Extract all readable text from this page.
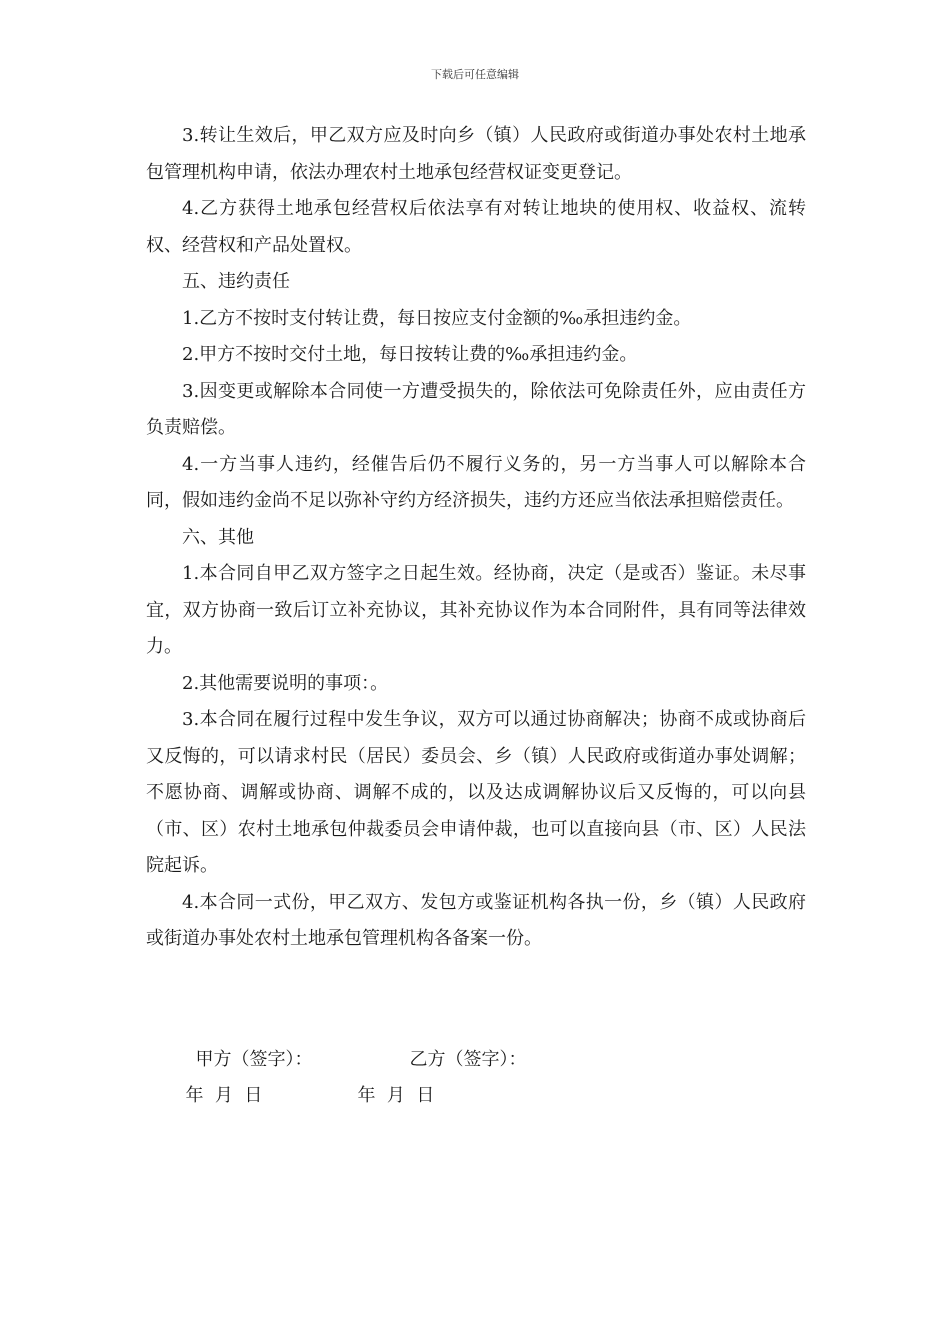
下载后可任意编辑

3.转让生效后，甲乙双方应及时向乡（镇）人民政府或街道办事处农村土地承包管理机构申请，依法办理农村土地承包经营权证变更登记。

4.乙方获得土地承包经营权后依法享有对转让地块的使用权、收益权、流转权、经营权和产品处置权。

五、违约责任

1.乙方不按时支付转让费，每日按应支付金额的‰承担违约金。

2.甲方不按时交付土地，每日按转让费的‰承担违约金。

3.因变更或解除本合同使一方遭受损失的，除依法可免除责任外，应由责任方负责赔偿。

4.一方当事人违约，经催告后仍不履行义务的，另一方当事人可以解除本合同，假如违约金尚不足以弥补守约方经济损失，违约方还应当依法承担赔偿责任。

六、其他

1.本合同自甲乙双方签字之日起生效。经协商，决定（是或否）鉴证。未尽事宜，双方协商一致后订立补充协议，其补充协议作为本合同附件，具有同等法律效力。

2.其他需要说明的事项：。

3.本合同在履行过程中发生争议，双方可以通过协商解决；协商不成或协商后又反悔的，可以请求村民（居民）委员会、乡（镇）人民政府或街道办事处调解；不愿协商、调解或协商、调解不成的，以及达成调解协议后又反悔的，可以向县（市、区）农村土地承包仲裁委员会申请仲裁，也可以直接向县（市、区）人民法院起诉。

4.本合同一式份，甲乙双方、发包方或鉴证机构各执一份，乡（镇）人民政府或街道办事处农村土地承包管理机构各备案一份。

甲方（签字）：	乙方（签字）：

年  月  日	年  月  日
